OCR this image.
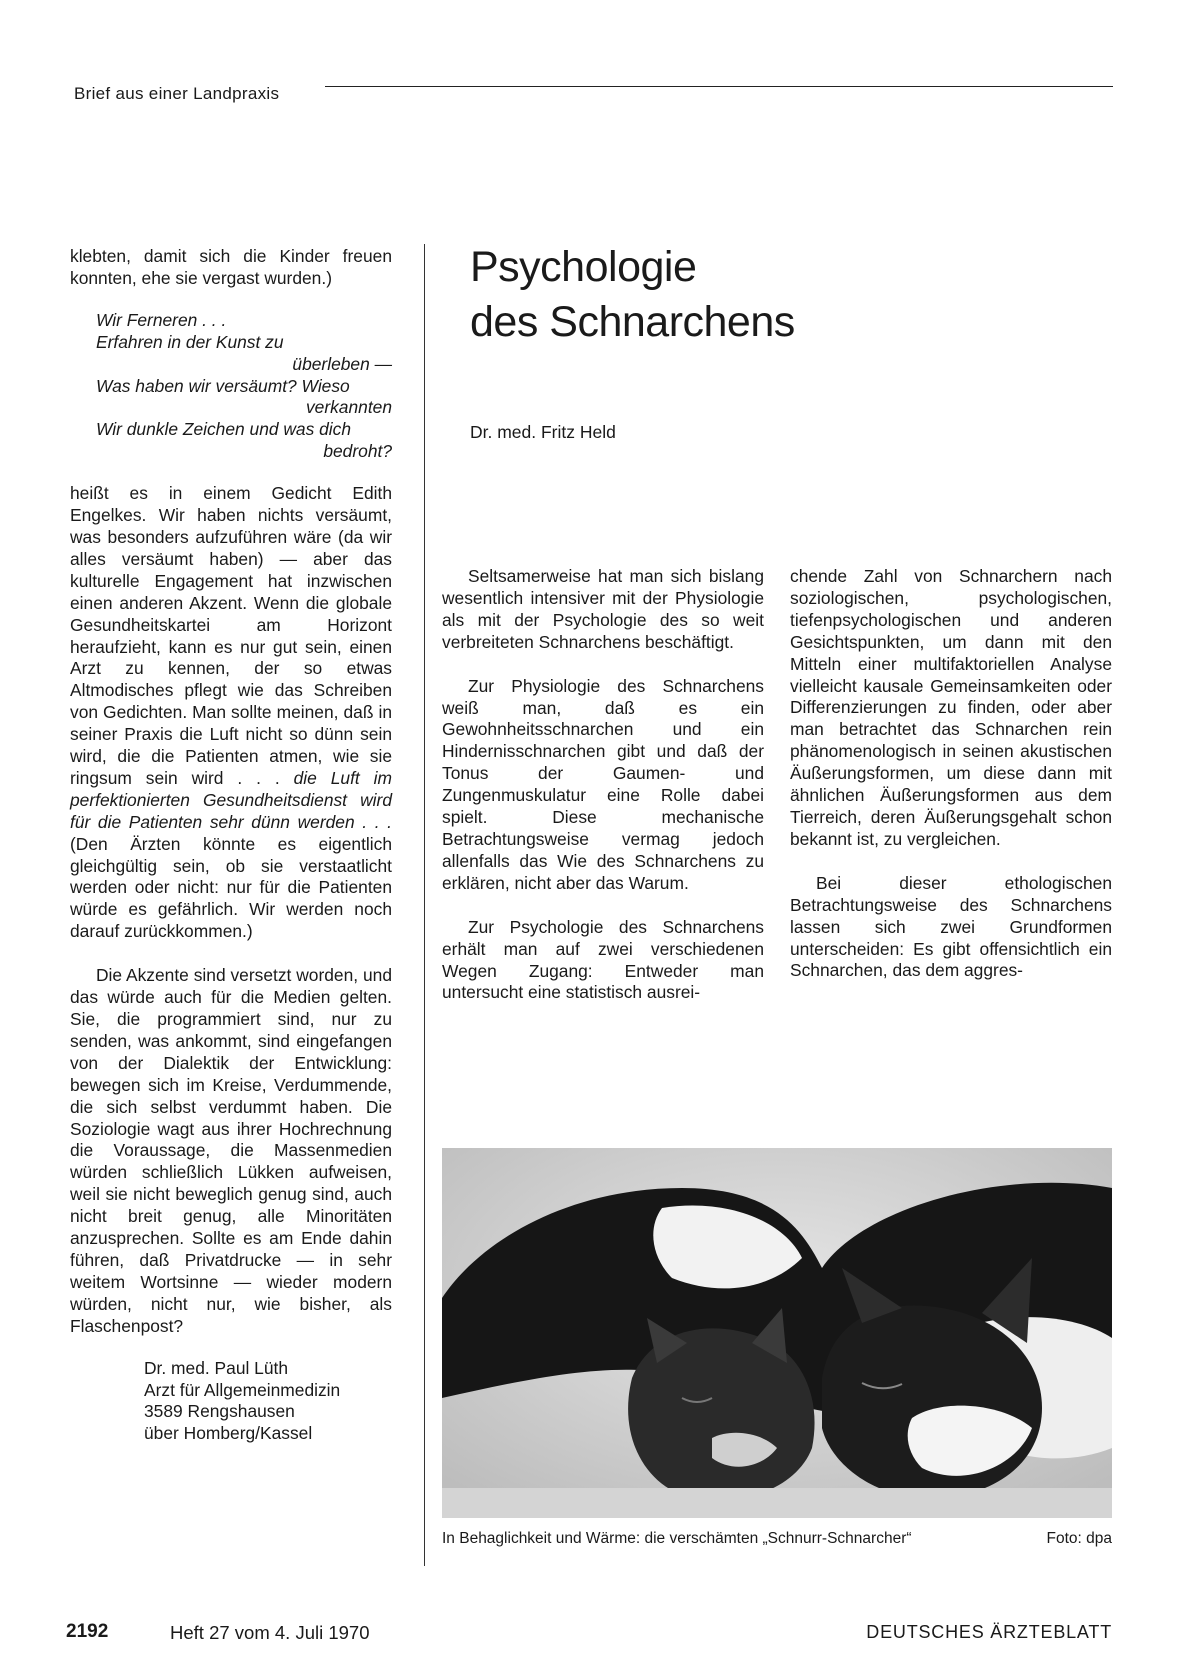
Brief aus einer Landpraxis

klebten, damit sich die Kinder freuen konnten, ehe sie vergast wurden.)

Wir Ferneren . . .
Erfahren in der Kunst zu
überleben —
Was haben wir versäumt? Wieso
verkannten
Wir dunkle Zeichen und was dich
bedroht?

heißt es in einem Gedicht Edith Engelkes. Wir haben nichts versäumt, was besonders aufzuführen wäre (da wir alles versäumt haben) — aber das kulturelle Engagement hat inzwischen einen anderen Akzent. Wenn die globale Gesundheitskartei am Horizont heraufzieht, kann es nur gut sein, einen Arzt zu kennen, der so etwas Altmodisches pflegt wie das Schreiben von Gedichten. Man sollte meinen, daß in seiner Praxis die Luft nicht so dünn sein wird, die die Patienten atmen, wie sie ringsum sein wird . . . die Luft im perfektionierten Gesundheitsdienst wird für die Patienten sehr dünn werden . . . (Den Ärzten könnte es eigentlich gleichgültig sein, ob sie verstaatlicht werden oder nicht: nur für die Patienten würde es gefährlich. Wir werden noch darauf zurückkommen.)

Die Akzente sind versetzt worden, und das würde auch für die Medien gelten. Sie, die programmiert sind, nur zu senden, was ankommt, sind eingefangen von der Dialektik der Entwicklung: bewegen sich im Kreise, Verdummende, die sich selbst verdummt haben. Die Soziologie wagt aus ihrer Hochrechnung die Voraussage, die Massenmedien würden schließlich Lükken aufweisen, weil sie nicht beweglich genug sind, auch nicht breit genug, alle Minoritäten anzusprechen. Sollte es am Ende dahin führen, daß Privatdrucke — in sehr weitem Wortsinne — wieder modern würden, nicht nur, wie bisher, als Flaschenpost?

Dr. med. Paul Lüth
Arzt für Allgemeinmedizin
3589 Rengshausen
über Homberg/Kassel
Psychologie
des Schnarchens
Dr. med. Fritz Held

Seltsamerweise hat man sich bislang wesentlich intensiver mit der Physiologie als mit der Psychologie des so weit verbreiteten Schnarchens beschäftigt.

Zur Physiologie des Schnarchens weiß man, daß es ein Gewohnheitsschnarchen und ein Hindernisschnarchen gibt und daß der Tonus der Gaumen- und Zungenmuskulatur eine Rolle dabei spielt. Diese mechanische Betrachtungsweise vermag jedoch allenfalls das Wie des Schnarchens zu erklären, nicht aber das Warum.

Zur Psychologie des Schnarchens erhält man auf zwei verschiedenen Wegen Zugang: Entweder man untersucht eine statistisch ausrei-

chende Zahl von Schnarchern nach soziologischen, psychologischen, tiefenpsychologischen und anderen Gesichtspunkten, um dann mit den Mitteln einer multifaktoriellen Analyse vielleicht kausale Gemeinsamkeiten oder Differenzierungen zu finden, oder aber man betrachtet das Schnarchen rein phänomenologisch in seinen akustischen Äußerungsformen, um diese dann mit ähnlichen Äußerungsformen aus dem Tierreich, deren Äußerungsgehalt schon bekannt ist, zu vergleichen.

Bei dieser ethologischen Betrachtungsweise des Schnarchens lassen sich zwei Grundformen unterscheiden: Es gibt offensichtlich ein Schnarchen, das dem aggres-

In Behaglichkeit und Wärme: die verschämten „Schnurr-Schnarcher“	Foto: dpa
2192	Heft 27 vom 4. Juli 1970	DEUTSCHES ÄRZTEBLATT
